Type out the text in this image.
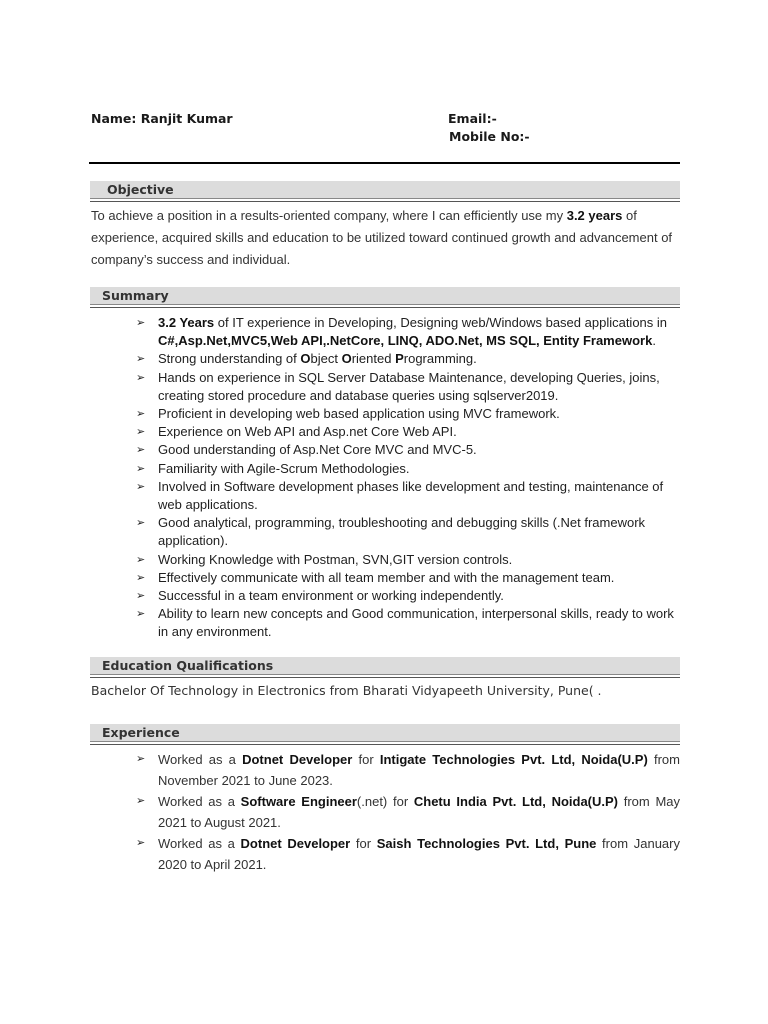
Name: Ranjit Kumar	Email:-
Mobile No:-
Objective
To achieve a position in a results-oriented company, where I can efficiently use my 3.2 years of experience, acquired skills and education to be utilized toward continued growth and advancement of company’s success and individual.
Summary
➢ 3.2 Years of IT experience in Developing, Designing web/Windows based applications in C#,Asp.Net,MVC5,Web API,.NetCore, LINQ, ADO.Net, MS SQL, Entity Framework.
➢ Strong understanding of Object Oriented Programming.
➢ Hands on experience in SQL Server Database Maintenance, developing Queries, joins, creating stored procedure and database queries using sqlserver2019.
➢ Proficient in developing web based application using MVC framework.
➢ Experience on Web API and Asp.net Core Web API.
➢ Good understanding of Asp.Net Core MVC and MVC-5.
➢ Familiarity with Agile-Scrum Methodologies.
➢ Involved in Software development phases like development and testing, maintenance of web applications.
➢ Good analytical, programming, troubleshooting and debugging skills (.Net framework application).
➢ Working Knowledge with Postman, SVN,GIT version controls.
➢ Effectively communicate with all team member and with the management team.
➢ Successful in a team environment or working independently.
➢ Ability to learn new concepts and Good communication, interpersonal skills, ready to work in any environment.
Education Qualifications
Bachelor Of Technology in Electronics from Bharati Vidyapeeth University, Pune( .
Experience
➢ Worked as a Dotnet Developer for Intigate Technologies Pvt. Ltd, Noida(U.P) from November 2021 to June 2023.
➢ Worked as a Software Engineer(.net) for Chetu India Pvt. Ltd, Noida(U.P) from May 2021 to August 2021.
➢ Worked as a Dotnet Developer for Saish Technologies Pvt. Ltd, Pune from January 2020 to April 2021.
